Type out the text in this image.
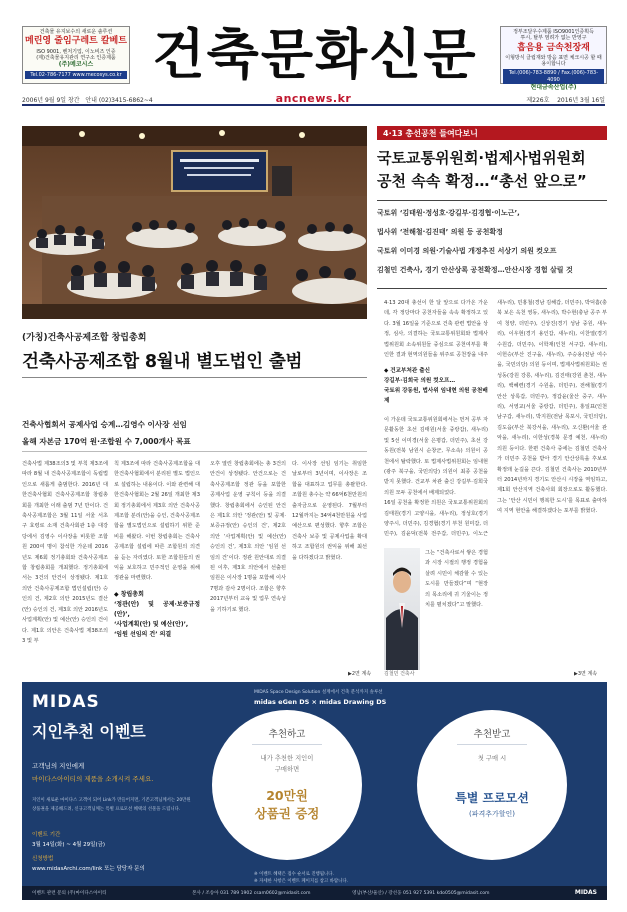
건축물 유지보수의 새로운 솔루션
메린영 줄임구레트 칼베트
ISO 9001, 벤처기업, 이노비즈 인증
(제)건축물유지관리 연구소 인증제품
(주)메코시스
Tel.02-786-7177 www.mecosys.co.kr 건축문화신문	정부조달우수제품 ISO9001인증획득
투시, 탈부 염려가 없는 반영구
흡음용 금속천장재
이형방식 클립재와 방음 표면 체크시공 할 때 용이합니다
Tel.(006)-783-8890 / Fax.(006)-783-4090
현대금속산업(주)
2006년 9월 9일 창간 안내 (02)3415-6862~4	ancnews.kr	제226호 2016년 3월 16일
4·13 총선공천 들여다보니
국토교통위원회·법제사법위원회
공천 속속 확정…“총선 앞으로”
국토위 ‘김태원·정성호·강길부·김경협·이노근’,
법사위 ‘전해철·김진태’ 의원 등 공천확정
국토위 이미경 의원·기술사법 개정추진 서상기 의원 컷오프
김철민 건축사, 경기 안산상록 공천확정…안산시장 경험 살릴 것
4·13 20대 총선이 한 달 앞으로 다가온 가운데, 각 정당마다 공천자들을 속속 확정하고 있다. 3월 16일을 기준으로 건축 관련 법안을 상정, 심사, 의결하는 국토교통위원회와 법제사법위원회 소속위원들 중심으로 공천여부를 확인한 결과 현역의원들을 위주로 공천장을 내주
◆ 건교부처관 출신
강길부·김희국 의원 컷오프…
국토위 강동원, 법사위 임내현 의원 공천배제

이 가운데 국토교통위원회에서는 먼저 공부 자문활동한 초선 김태원(서울 중랑갑), 새누리) 및 5선 이미경(서울 은평갑, 더민주), 초선 강동원(전북 남원시 순창군, 무소속) 의원이 공천에서 탈락했다. 또 법제사법위원회는 임내현(광주 북구을, 국민의당) 의원이 최종 공천을 받지 못했다. 건교부 차관 출신 강길부·김희국 의원 모두 공천에서 배제되었다.

16일 공천을 확정한 의원은 국토교통위원회의 김태원(경기 고양시을, 새누리), 정성호(경기 양주시, 더민주), 김경협(경기 부천 원미갑, 더민주), 김윤덕(전북 전주갑, 더민주), 이노근

김철민 건축사
그는 “건축사로서 쌓은 경험과 시장 시절의 행정 경험을 살려 시민이 체감할 수 있는 도시를 만들겠다”며 “현장의 목소리에 귀 기울이는 정치를 펼치겠다”고 말했다.
새누리), 민홍철(경남 김해갑, 더민주), 박덕흠(충북 보은 옥천 영동, 새누리), 박수현(충남 공주 부여 청양, 더민주), 신상진(경기 성남 중원, 새누리), 이우현(경기 용인갑, 새누리), 이찬열(경기 수원갑, 더민주), 이학재(인천 서구갑, 새누리), 이헌승(부산 진구을, 새누리), 주승용(전남 여수을, 국민의당) 의원 등이며, 법제사법위원회는 권성동(강원 강릉, 새누리), 김진태(강원 춘천, 새누리), 백혜련(경기 수원을, 더민주), 전해철(경기 안산 상록갑, 더민주), 정갑윤(울산 중구, 새누리), 서영교(서울 중랑갑, 더민주), 홍일표(인천 남구갑, 새누리), 박지원(전남 목포시, 국민의당), 김도읍(부산 북강서을, 새누리), 오신환(서울 관악을, 새누리), 이한성(경북 문경 예천, 새누리) 의원 등이다. 한편 건축사 중에는 김철민 건축사가 더민주 공천을 받아 경기 안산상록을 후보로 확정돼 눈길을 끈다. 김철민 건축사는 2010년부터 2014년까지 경기도 안산시 시장을 역임하고, 제1회 안산지역 건축사회 회장으로도 활동했다. 그는 ‘안산 시민이 행복한 도시’를 목표로 출마하여 지역 현안을 해결하겠다는 포부를 밝혔다.
▶3면 계속
(가칭)건축사공제조합 창립총회
건축사공제조합 8월내 별도법인 출범
건축사협회서 공제사업 승계…김영수 이사장 선임
올해 자본금 170억 원·조합원 수 7,000개사 목표
건축사법 제38조의3 및 부칙 제3조에 따라 8월 내 건축사공제조합이 독립법인으로 새롭게 출범한다. 2016년 대한건축사협회 건축사공제조합 창립총회를 개최한 이래 출범 7년 만이다. 건축사공제조합은 3월 11일 서울 서초구 효령로 소재 건축사회관 1층 대강당에서 김영수 이사장을 비롯한 조합원 200여 명이 참석한 가운데 2016년도 제6회 정기총회와 건축사공제조합 창립총회를 개최했다. 정기총회에서는 3건의 안건이 상정됐다. 제1호 의안 건축사공제조합 법인설립(안) 승인의 건, 제2호 의안 2015년도 결산(안) 승인의 건, 제3호 의안 2016년도 사업계획(안) 및 예산(안) 승인의 건이다. 제1호 의안은 건축사법 제38조의3 및 부

칙 제3조에 따라 건축사공제조합을 대한건축사협회에서 분리된 별도 법인으로 설립하는 내용이다. 이와 관련해 대한건축사협회는 2월 26일 개최한 제3회 정기총회에서 제3호 의안 건축사공제조합 분리(안)을 승인, 건축사공제조합을 별도법인으로 설립하기 위한 준비를 해왔다. 이번 창립총회는 건축사공제조합 설립에 따른 조합원의 의견을 듣는 자리였다. 또한 조합원들의 권익을 보호하고 민주적인 운영을 위해 정관을 마련했다.

◆ 창립총회

‘정관(안) 및 공제·보증규정(안)’,

‘사업계획(안) 및 예산(안)’,

‘임원 선임의 건’ 의결

오후 열린 창립총회에는 총 3건의 안건이 상정됐다. 안건으로는 건축사공제조합 정관 등을 포함한 공제사업 운영 규칙이 등을 의결했다. 창립총회에서 승인된 안건은 제1호 의안 ‘정관(안) 및 공제·보증규정(안) 승인의 건’, 제2호 의안 ‘사업계획(안) 및 예산(안) 승인의 건’, 제3호 의안 ‘임원 선임의 건’이다. 정관 원안대로 의결된 이후, 제3호 의안에서 선출된 임원은 이사장 1명을 포함해 이사 7명과 감사 2명이다. 조합은 향후 2017년부터 교육 및 업무 연속성을 기하기로 했다.
다. 이사장 선임 임기는 취임한 날로부터 3년이며, 이사장은 조합을 대표하고 업무를 총괄한다. 조합원 총수는 약 66억6천만원의 출자금으로 운영된다. 7월부터 12월까지는 34억4천만원을 사업예산으로 편성했다. 향후 조합은 건축사 보증 및 공제사업을 확대하고 조합원의 권익을 위해 최선을 다하겠다고 밝혔다.
▶2면 계속
MIDAS
지인추천 이벤트
고객님의 지인에게
마이다스아이티의 제품을 소개시켜 주세요.
지인이 새로운 마이다스 고객이 되어 Link가 만들어지면, 기존고객님께서는 20만원 상품권을 제공해드려, 신규고객님께는 특별 프로모션 혜택의 선물을 드립니다.
이벤트 기간
3월 14일(화) ~ 4월 29일(금)
신청방법
www.midasArchi.com/link 또는 담당자 문의
MIDAS Space Design Solution 설계에서 건축 분석까지 솔루션
midas eGen DS × midas Drawing DS
추천하고
내가 추천한 지인이
구매하면
20만원
상품권 증정
추천받고
첫 구매 시
특별 프로모션
(파격추가할인)
※ 이벤트 혜택은 접수 순서로 진행됩니다.
※ 자세한 사항은 이벤트 페이지를 참고 바랍니다.
이벤트 관련 문의 (주)마이다스아이티	본사 / 조송아 031 789 1902 csam0602@midasit.com	영남(부산/울산) / 강선웅 051 927 5391 kdo0505@midasit.com	MIDAS
